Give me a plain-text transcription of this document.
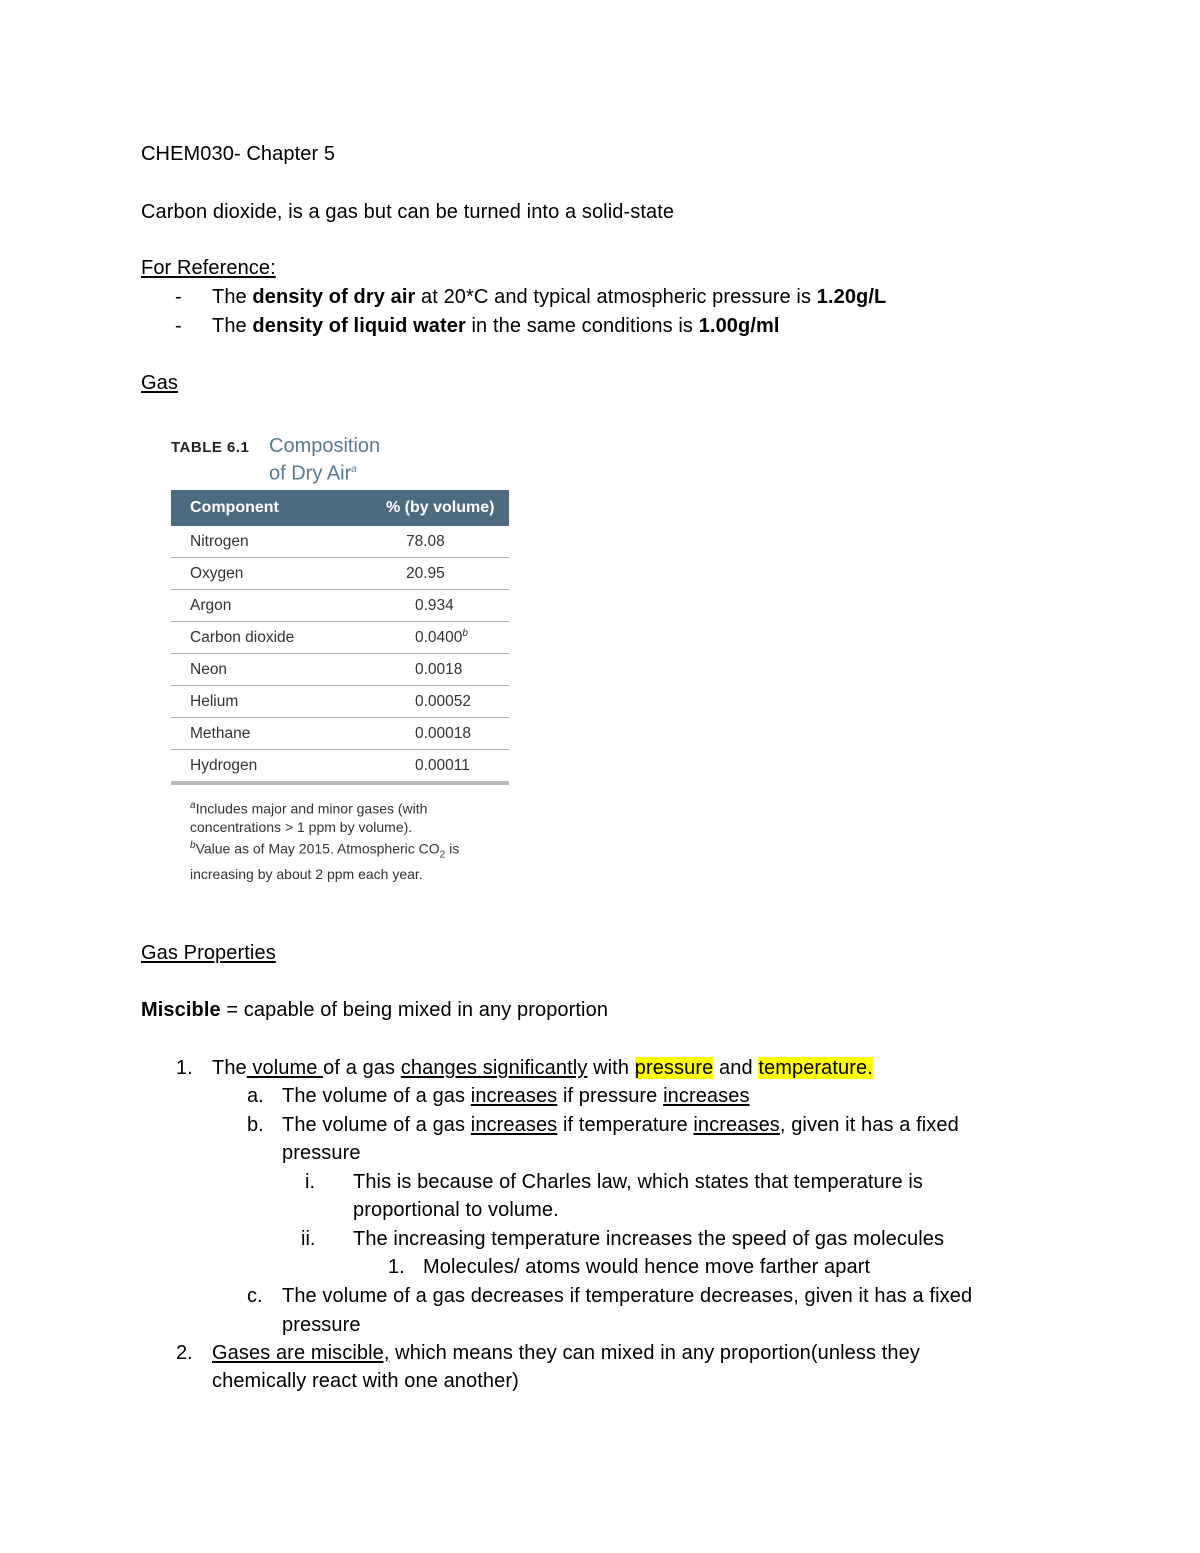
CHEM030- Chapter 5
Carbon dioxide, is a gas but can be turned into a solid-state
For Reference:
- The density of dry air at 20*C and typical atmospheric pressure is 1.20g/L
- The density of liquid water in the same conditions is 1.00g/ml
Gas
TABLE 6.1 Composition
of Dry Air$^a$
Component	% (by volume)
Nitrogen	78.08
Oxygen	20.95
Argon	0.934
Carbon dioxide	0.0400$^b$
Neon	0.0018
Helium	0.00052
Methane	0.00018
Hydrogen	0.00011
$^a$Includes major and minor gases (with concentrations > 1 ppm by volume).
$^b$Value as of May 2015. Atmospheric $CO_2$ is increasing by about 2 ppm each year.
Gas Properties
Miscible = capable of being mixed in any proportion
1. The volume of a gas changes significantly with pressure and temperature.
a. The volume of a gas increases if pressure increases
b. The volume of a gas increases if temperature increases, given it has a fixed
pressure
i. This is because of Charles law, which states that temperature is
proportional to volume.
ii. The increasing temperature increases the speed of gas molecules
1. Molecules/ atoms would hence move farther apart
c. The volume of a gas decreases if temperature decreases, given it has a fixed
pressure
2. Gases are miscible, which means they can mixed in any proportion(unless they
chemically react with one another)
